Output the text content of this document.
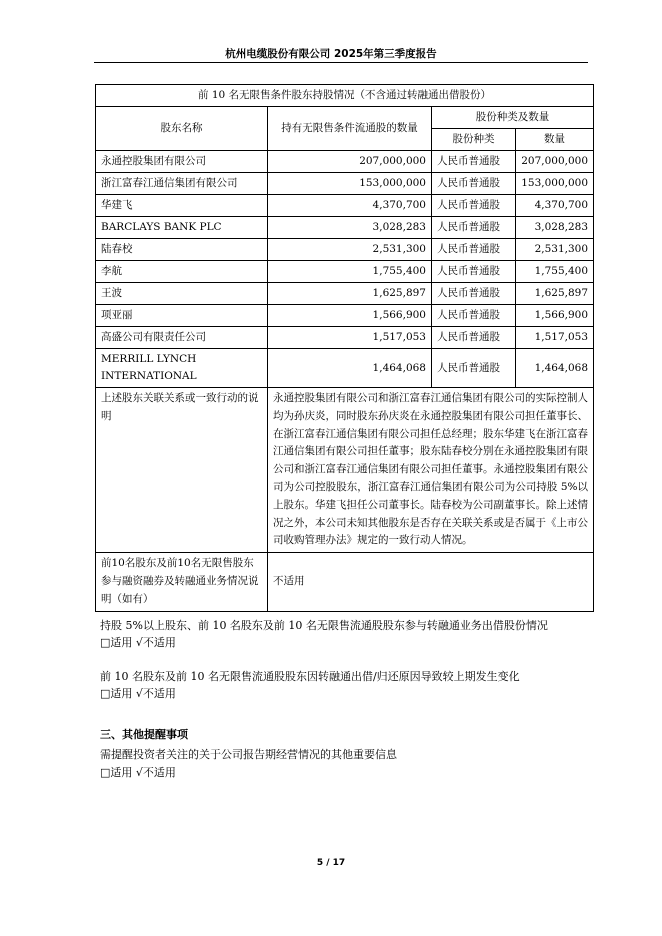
杭州电缆股份有限公司 2025年第三季度报告
前 10 名无限售条件股东持股情况（不含通过转融通出借股份）			
股东名称	持有无限售条件流通股的数量	股份种类及数量	
		股份种类	数量
永通控股集团有限公司	207,000,000	人民币普通股	207,000,000
浙江富春江通信集团有限公司	153,000,000	人民币普通股	153,000,000
华建飞	4,370,700	人民币普通股	4,370,700
BARCLAYS BANK PLC	3,028,283	人民币普通股	3,028,283
陆春校	2,531,300	人民币普通股	2,531,300
李航	1,755,400	人民币普通股	1,755,400
王波	1,625,897	人民币普通股	1,625,897
项亚丽	1,566,900	人民币普通股	1,566,900
高盛公司有限责任公司	1,517,053	人民币普通股	1,517,053
MERRILL LYNCH INTERNATIONAL	1,464,068	人民币普通股	1,464,068
上述股东关联关系或一致行动的说明	永通控股集团有限公司和浙江富春江通信集团有限公司的实际控制人均为孙庆炎，同时股东孙庆炎在永通控股集团有限公司担任董事长、在浙江富春江通信集团有限公司担任总经理；股东华建飞在浙江富春江通信集团有限公司担任董事；股东陆春校分别在永通控股集团有限公司和浙江富春江通信集团有限公司担任董事。永通控股集团有限公司为公司控股股东，浙江富春江通信集团有限公司为公司持股 5%以上股东。华建飞担任公司董事长。陆春校为公司副董事长。除上述情况之外，本公司未知其他股东是否存在关联关系或是否属于《上市公司收购管理办法》规定的一致行动人情况。		
前10名股东及前10名无限售股东参与融资融券及转融通业务情况说明（如有）	不适用		
持股 5%以上股东、前 10 名股东及前 10 名无限售流通股股东参与转融通业务出借股份情况
□适用 √不适用
前 10 名股东及前 10 名无限售流通股股东因转融通出借/归还原因导致较上期发生变化
□适用 √不适用
三、其他提醒事项
需提醒投资者关注的关于公司报告期经营情况的其他重要信息
□适用 √不适用
5 / 17
